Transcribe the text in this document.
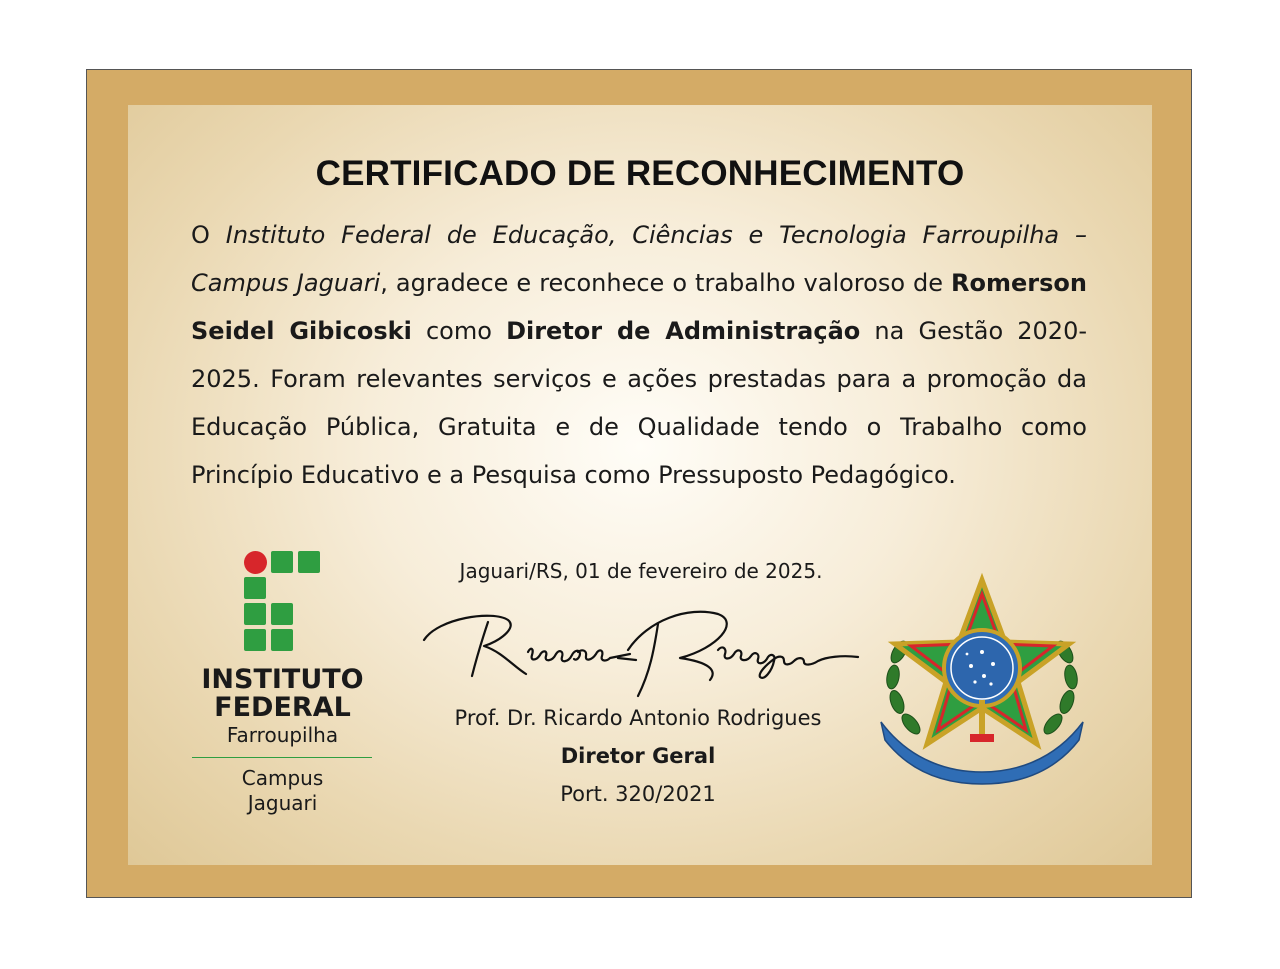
CERTIFICADO DE RECONHECIMENTO
O Instituto Federal de Educação, Ciências e Tecnologia Farroupilha – Campus Jaguari, agradece e reconhece o trabalho valoroso de Romerson Seidel Gibicoski como Diretor de Administração na Gestão 2020-2025. Foram relevantes serviços e ações prestadas para a promoção da Educação Pública, Gratuita e de Qualidade tendo o Trabalho como Princípio Educativo e a Pesquisa como Pressuposto Pedagógico.
INSTITUTO
FEDERAL
Farroupilha
Campus
Jaguari
Jaguari/RS, 01 de fevereiro de 2025.
Prof. Dr. Ricardo Antonio Rodrigues
Diretor Geral
Port. 320/2021
